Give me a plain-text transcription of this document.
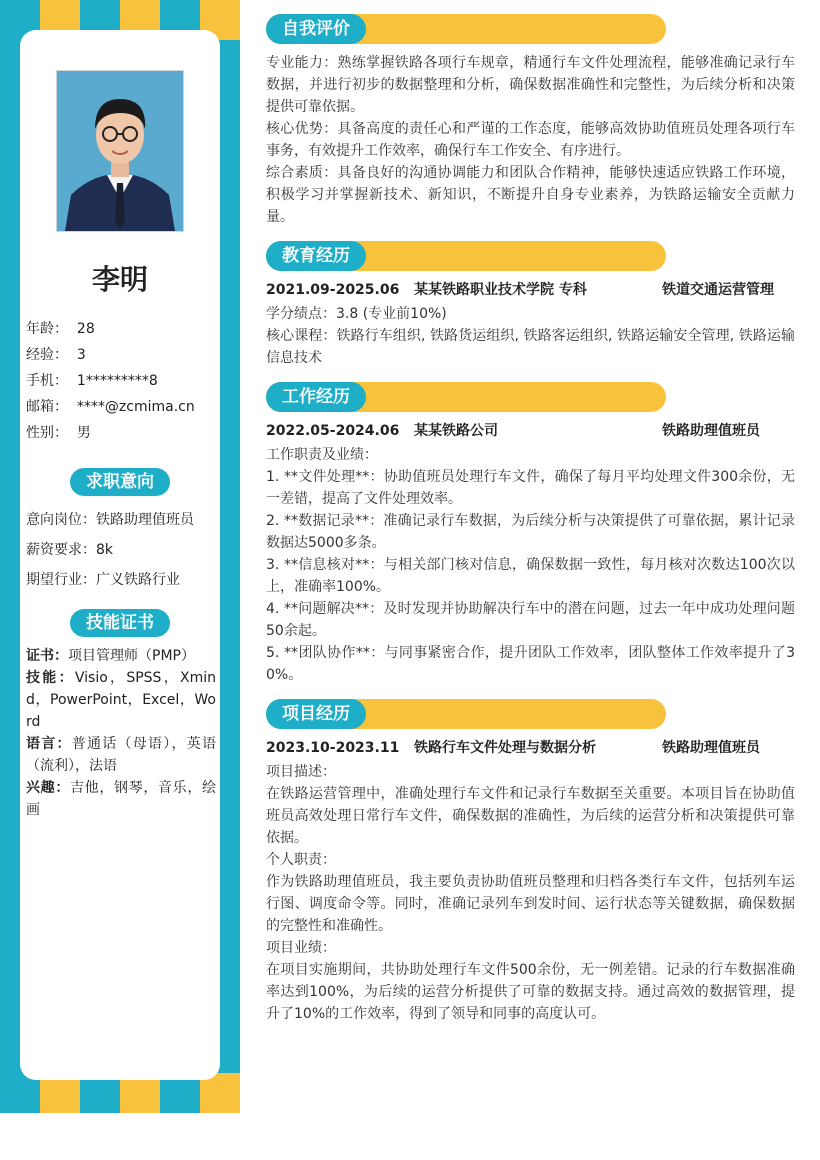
李明
年龄： 28
经验： 3
手机： 1*********8
邮箱： ****@zcmima.cn
性别： 男
求职意向
意向岗位：铁路助理值班员
薪资要求：8k
期望行业：广义铁路行业
技能证书
证书：项目管理师（PMP）
技能：Visio，SPSS，Xmind，PowerPoint，Excel，Word
语言：普通话（母语），英语（流利），法语
兴趣：吉他，钢琴，音乐，绘画
自我评价

专业能力：熟练掌握铁路各项行车规章，精通行车文件处理流程，能够准确记录行车数据，并进行初步的数据整理和分析，确保数据准确性和完整性，为后续分析和决策提供可靠依据。

核心优势：具备高度的责任心和严谨的工作态度，能够高效协助值班员处理各项行车事务，有效提升工作效率，确保行车工作安全、有序进行。

综合素质：具备良好的沟通协调能力和团队合作精神，能够快速适应铁路工作环境，积极学习并掌握新技术、新知识，不断提升自身专业素养，为铁路运输安全贡献力量。

教育经历
2021.09-2025.06 某某铁路职业技术学院 专科	铁道交通运营管理

学分绩点：3.8 (专业前10%)

核心课程：铁路行车组织, 铁路货运组织, 铁路客运组织, 铁路运输安全管理, 铁路运输信息技术

工作经历
2022.05-2024.06 某某铁路公司	铁路助理值班员

工作职责及业绩：

1. **文件处理**：协助值班员处理行车文件，确保了每月平均处理文件300余份，无一差错，提高了文件处理效率。

2. **数据记录**：准确记录行车数据，为后续分析与决策提供了可靠依据，累计记录数据达5000多条。

3. **信息核对**：与相关部门核对信息，确保数据一致性，每月核对次数达100次以上，准确率100%。

4. **问题解决**：及时发现并协助解决行车中的潜在问题，过去一年中成功处理问题50余起。

5. **团队协作**：与同事紧密合作，提升团队工作效率，团队整体工作效率提升了30%。

项目经历
2023.10-2023.11 铁路行车文件处理与数据分析	铁路助理值班员

项目描述：

在铁路运营管理中，准确处理行车文件和记录行车数据至关重要。本项目旨在协助值班员高效处理日常行车文件，确保数据的准确性，为后续的运营分析和决策提供可靠依据。

个人职责：

作为铁路助理值班员，我主要负责协助值班员整理和归档各类行车文件，包括列车运行图、调度命令等。同时，准确记录列车到发时间、运行状态等关键数据，确保数据的完整性和准确性。

项目业绩：

在项目实施期间，共协助处理行车文件500余份，无一例差错。记录的行车数据准确率达到100%，为后续的运营分析提供了可靠的数据支持。通过高效的数据管理，提升了10%的工作效率，得到了领导和同事的高度认可。
